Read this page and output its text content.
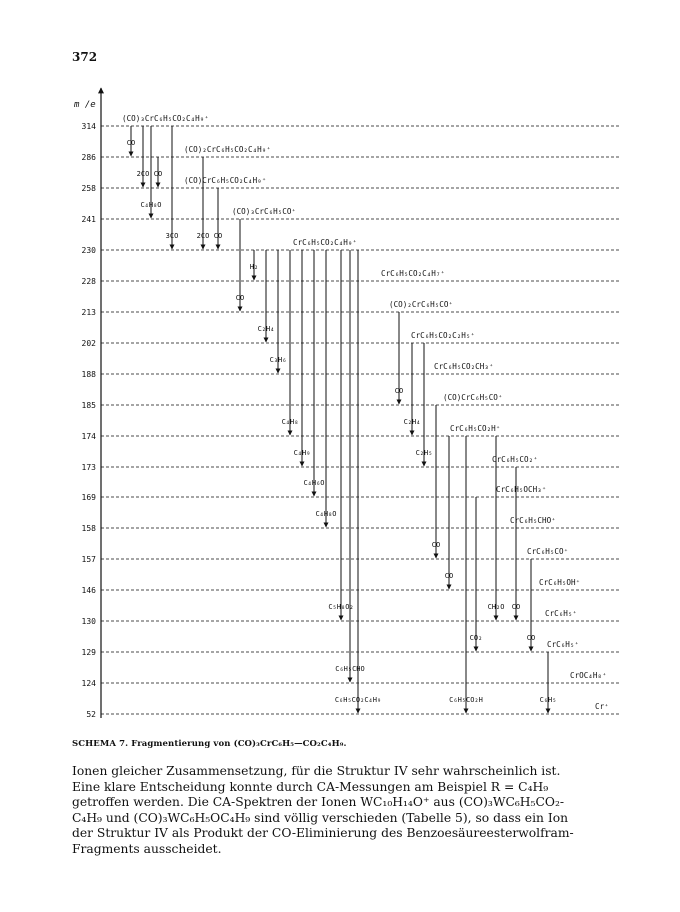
372
m /e
314
(CO)₃CrC₆H₅CO₂C₄H₉⁺
286
(CO)₂CrC₆H₅CO₂C₄H₉⁺
258
(CO)CrC₆H₅CO₂C₄H₉⁺
241
(CO)₃CrC₆H₅CO⁺
230
CrC₆H₅CO₂C₄H₉⁺
228
CrC₆H₅CO₂C₄H₇⁺
213
(CO)₂CrC₆H₅CO⁺
202
CrC₆H₅CO₂C₂H₅⁺
188
CrC₆H₅CO₂CH₃⁺
185
(CO)CrC₆H₅CO⁺
174
CrC₆H₅CO₂H⁺
173
CrC₆H₅CO₂⁺
169
CrC₆H₅OCH₃⁺
158
CrC₆H₅CHO⁺
157
CrC₆H₅CO⁺
146
CrC₆H₅OH⁺
130
CrC₆H₅⁺
129
CrC₆H₅⁺
124
CrOC₄H₈⁺
52
Cr⁺
CO
2CO CO
C₄H₈O
3CO	2CO CO
H₂
CO
C₂H₄
C₃H₆
C₄H₈
C₄H₉
C₄H₆O
C₄H₈O
CO
C₂H₄
C₂H₅
CO
CO
CH₂O CO
CO₂	CO
C₅H₈O₂
C₆H₅CHO
C₆H₅CO₂C₄H₉	C₆H₅CO₂H	C₆H₅
SCHEMA 7. Fragmentierung von (CO)₃CrC₆H₅—CO₂C₄H₉.

Ionen gleicher Zusammensetzung, für die Struktur IV sehr wahrscheinlich ist.

Eine klare Entscheidung konnte durch CA-Messungen am Beispiel R = C₄H₉

getroffen werden. Die CA-Spektren der Ionen WC₁₀H₁₄O⁺ aus (CO)₃WC₆H₅CO₂-

C₄H₉ und (CO)₃WC₆H₅OC₄H₉ sind völlig verschieden (Tabelle 5), so dass ein Ion

der Struktur IV als Produkt der CO-Eliminierung des Benzoesäureesterwolfram-

Fragments ausscheidet.
